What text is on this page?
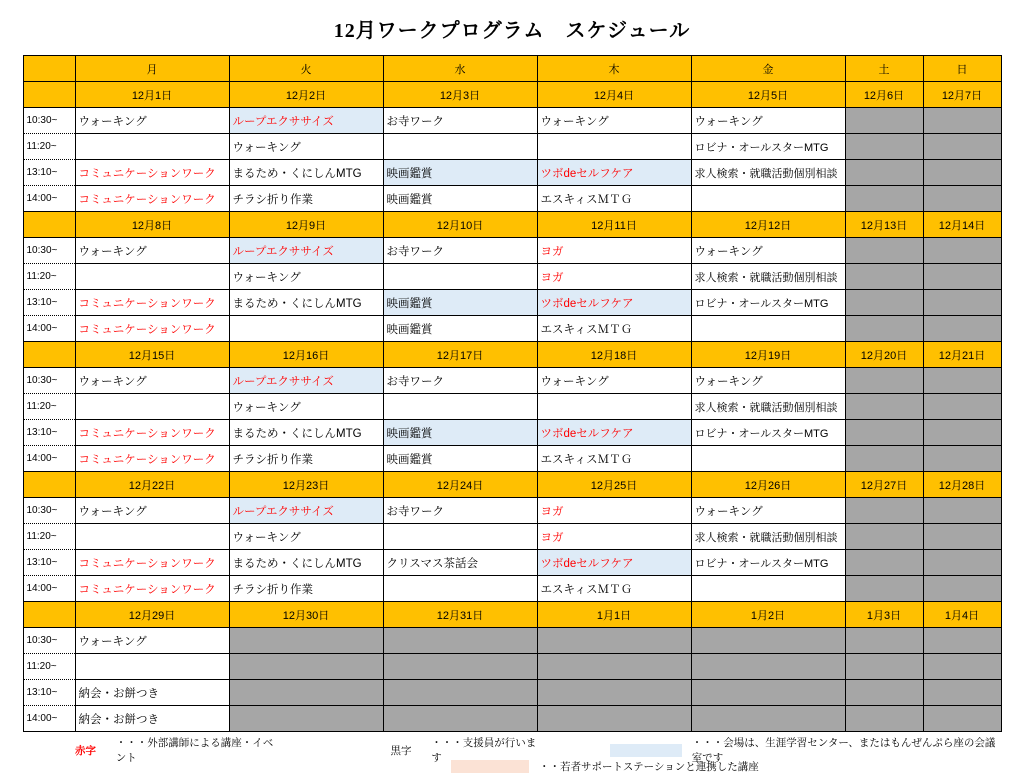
12月ワークプログラム　スケジュール
	月	火	水	木	金	土	日
	12月1日	12月2日	12月3日	12月4日	12月5日	12月6日	12月7日
10:30~	ウォーキング	ループエクササイズ	お寺ワーク	ウォーキング	ウォーキング		
11:20~		ウォーキング			ロビナ・オールスターMTG		
13:10~	コミュニケーションワーク	まるため・くにしんMTG	映画鑑賞	ツボdeセルフケア	求人検索・就職活動個別相談		
14:00~	コミュニケーションワーク	チラシ折り作業	映画鑑賞	エスキィスＭＴＧ			
	12月8日	12月9日	12月10日	12月11日	12月12日	12月13日	12月14日
10:30~	ウォーキング	ループエクササイズ	お寺ワーク	ヨガ	ウォーキング		
11:20~		ウォーキング		ヨガ	求人検索・就職活動個別相談		
13:10~	コミュニケーションワーク	まるため・くにしんMTG	映画鑑賞	ツボdeセルフケア	ロビナ・オールスターMTG		
14:00~	コミュニケーションワーク		映画鑑賞	エスキィスＭＴＧ			
	12月15日	12月16日	12月17日	12月18日	12月19日	12月20日	12月21日
10:30~	ウォーキング	ループエクササイズ	お寺ワーク	ウォーキング	ウォーキング		
11:20~		ウォーキング			求人検索・就職活動個別相談		
13:10~	コミュニケーションワーク	まるため・くにしんMTG	映画鑑賞	ツボdeセルフケア	ロビナ・オールスターMTG		
14:00~	コミュニケーションワーク	チラシ折り作業	映画鑑賞	エスキィスＭＴＧ			
	12月22日	12月23日	12月24日	12月25日	12月26日	12月27日	12月28日
10:30~	ウォーキング	ループエクササイズ	お寺ワーク	ヨガ	ウォーキング		
11:20~		ウォーキング		ヨガ	求人検索・就職活動個別相談		
13:10~	コミュニケーションワーク	まるため・くにしんMTG	クリスマス茶話会	ツボdeセルフケア	ロビナ・オールスターMTG		
14:00~	コミュニケーションワーク	チラシ折り作業		エスキィスＭＴＧ			
	12月29日	12月30日	12月31日	1月1日	1月2日	1月3日	1月4日
10:30~	ウォーキング						
11:20~							
13:10~	納会・お餅つき						
14:00~	納会・お餅つき						
赤字
・・・外部講師による講座・イベント
黒字
・・・支援員が行います
・・・会場は、生涯学習センター、またはもんぜんぷら座の会議室です
・・若者サポートステーションと連携した講座
